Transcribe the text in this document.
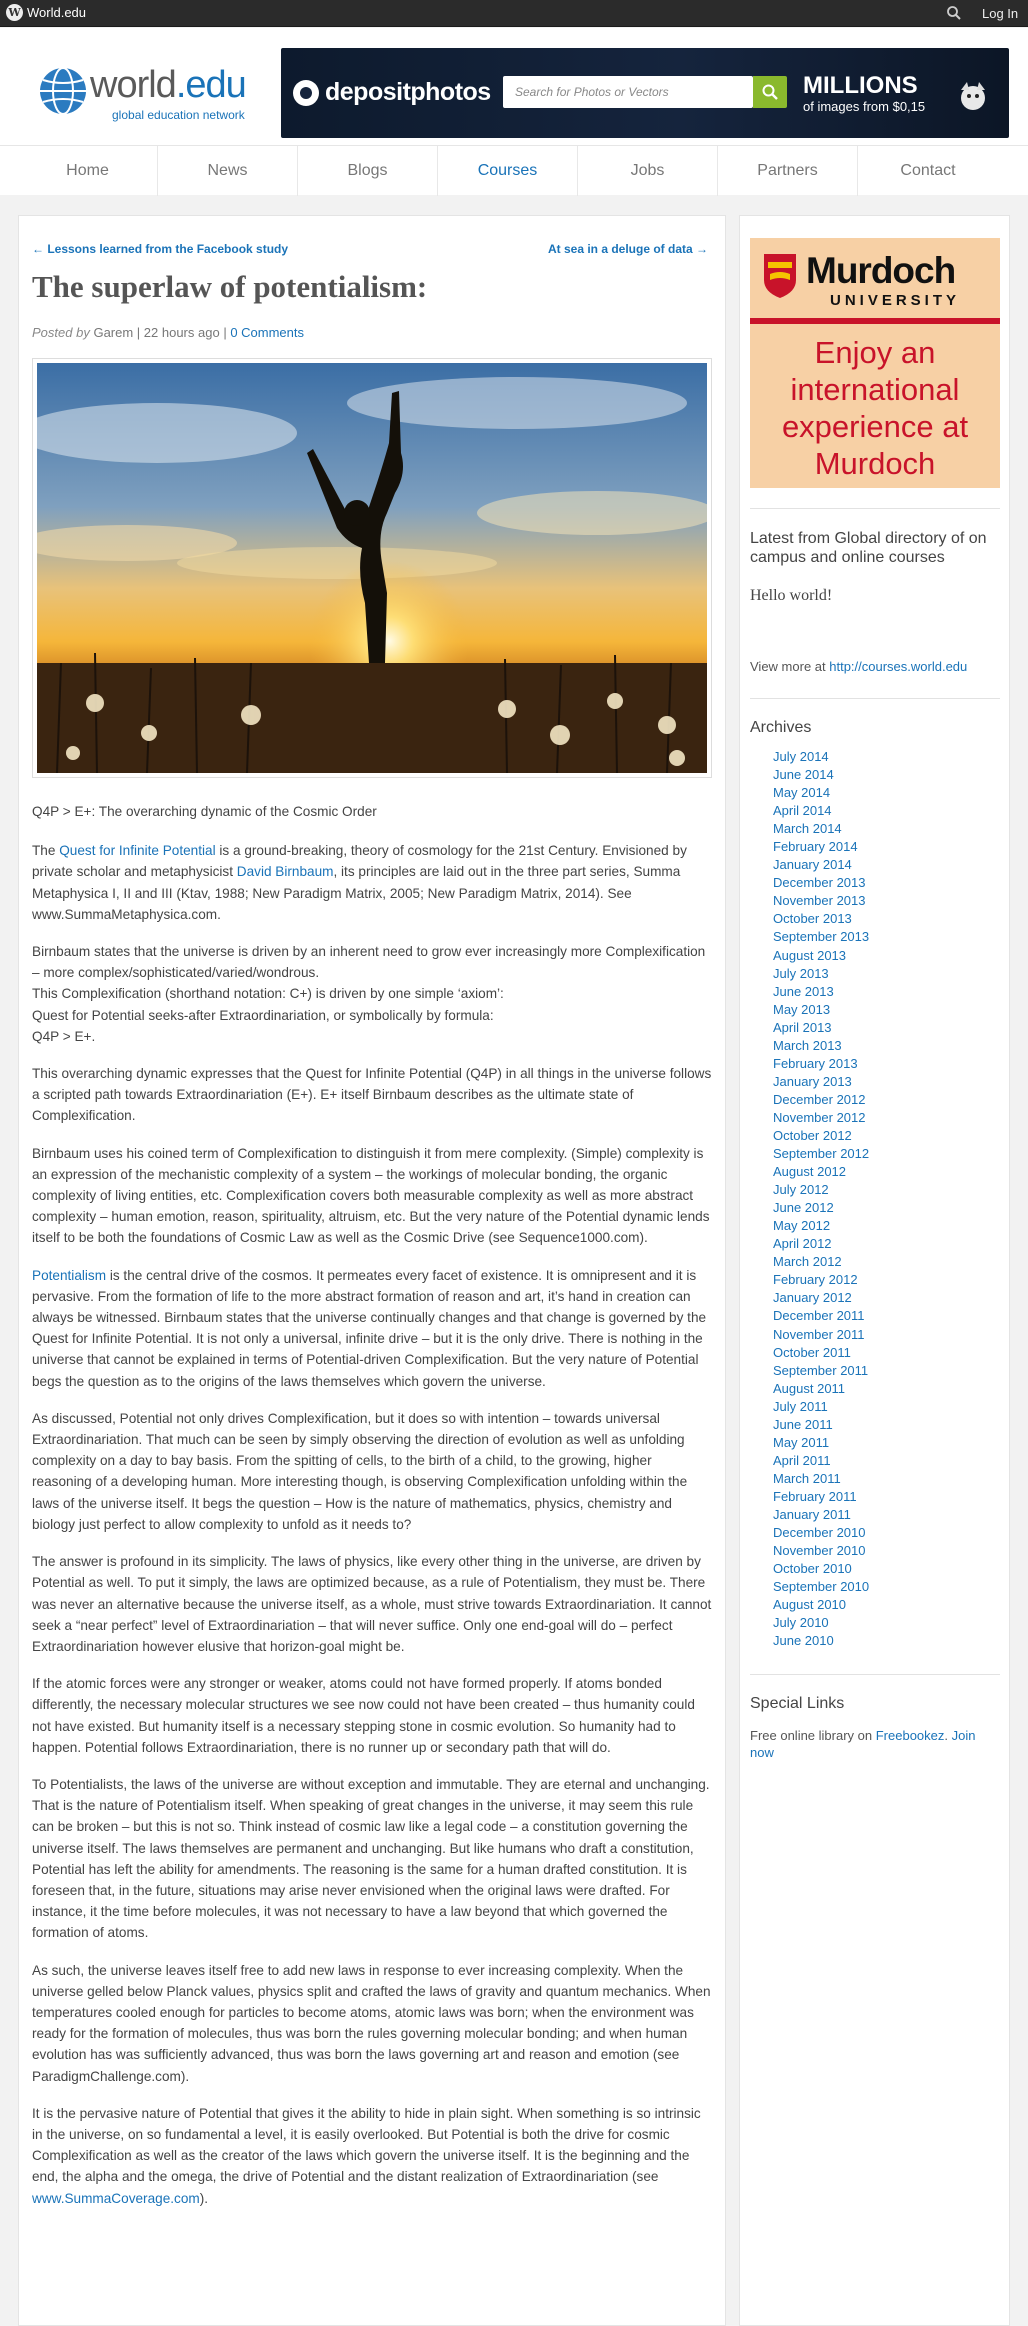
W World.edu	Log In
world.edu
global education network
depositphotos	Search for Photos or Vectors	MILLIONS
of images from $0,15
Home	News	Blogs	Courses	Jobs	Partners	Contact
← Lessons learned from the Facebook study	At sea in a deluge of data →
The superlaw of potentialism:
Posted by Garem | 22 hours ago | 0 Comments

Q4P > E+: The overarching dynamic of the Cosmic Order

The Quest for Infinite Potential is a ground-breaking, theory of cosmology for the 21st Century. Envisioned by private scholar and metaphysicist David Birnbaum, its principles are laid out in the three part series, Summa Metaphysica I, II and III (Ktav, 1988; New Paradigm Matrix, 2005; New Paradigm Matrix, 2014). See www.SummaMetaphysica.com.

Birnbaum states that the universe is driven by an inherent need to grow ever increasingly more Complexification – more complex/sophisticated/varied/wondrous.
This Complexification (shorthand notation: C+) is driven by one simple ‘axiom’:
Quest for Potential seeks-after Extraordinariation, or symbolically by formula:
Q4P > E+.

This overarching dynamic expresses that the Quest for Infinite Potential (Q4P) in all things in the universe follows a scripted path towards Extraordinariation (E+). E+ itself Birnbaum describes as the ultimate state of Complexification.

Birnbaum uses his coined term of Complexification to distinguish it from mere complexity. (Simple) complexity is an expression of the mechanistic complexity of a system – the workings of molecular bonding, the organic complexity of living entities, etc. Complexification covers both measurable complexity as well as more abstract complexity – human emotion, reason, spirituality, altruism, etc. But the very nature of the Potential dynamic lends itself to be both the foundations of Cosmic Law as well as the Cosmic Drive (see Sequence1000.com).

Potentialism is the central drive of the cosmos. It permeates every facet of existence. It is omnipresent and it is pervasive. From the formation of life to the more abstract formation of reason and art, it’s hand in creation can always be witnessed. Birnbaum states that the universe continually changes and that change is governed by the Quest for Infinite Potential. It is not only a universal, infinite drive – but it is the only drive. There is nothing in the universe that cannot be explained in terms of Potential-driven Complexification. But the very nature of Potential begs the question as to the origins of the laws themselves which govern the universe.

As discussed, Potential not only drives Complexification, but it does so with intention – towards universal Extraordinariation. That much can be seen by simply observing the direction of evolution as well as unfolding complexity on a day to bay basis. From the spitting of cells, to the birth of a child, to the growing, higher reasoning of a developing human. More interesting though, is observing Complexification unfolding within the laws of the universe itself. It begs the question – How is the nature of mathematics, physics, chemistry and biology just perfect to allow complexity to unfold as it needs to?

The answer is profound in its simplicity. The laws of physics, like every other thing in the universe, are driven by Potential as well. To put it simply, the laws are optimized because, as a rule of Potentialism, they must be. There was never an alternative because the universe itself, as a whole, must strive towards Extraordinariation. It cannot seek a “near perfect” level of Extraordinariation – that will never suffice. Only one end-goal will do – perfect Extraordinariation however elusive that horizon-goal might be.

If the atomic forces were any stronger or weaker, atoms could not have formed properly. If atoms bonded differently, the necessary molecular structures we see now could not have been created – thus humanity could not have existed. But humanity itself is a necessary stepping stone in cosmic evolution. So humanity had to happen. Potential follows Extraordinariation, there is no runner up or secondary path that will do.

To Potentialists, the laws of the universe are without exception and immutable. They are eternal and unchanging. That is the nature of Potentialism itself. When speaking of great changes in the universe, it may seem this rule can be broken – but this is not so. Think instead of cosmic law like a legal code – a constitution governing the universe itself. The laws themselves are permanent and unchanging. But like humans who draft a constitution, Potential has left the ability for amendments. The reasoning is the same for a human drafted constitution. It is foreseen that, in the future, situations may arise never envisioned when the original laws were drafted. For instance, it the time before molecules, it was not necessary to have a law beyond that which governed the formation of atoms.

As such, the universe leaves itself free to add new laws in response to ever increasing complexity. When the universe gelled below Planck values, physics split and crafted the laws of gravity and quantum mechanics. When temperatures cooled enough for particles to become atoms, atomic laws was born; when the environment was ready for the formation of molecules, thus was born the rules governing molecular bonding; and when human evolution has was sufficiently advanced, thus was born the laws governing art and reason and emotion (see ParadigmChallenge.com).

It is the pervasive nature of Potential that gives it the ability to hide in plain sight. When something is so intrinsic in the universe, on so fundamental a level, it is easily overlooked. But Potential is both the drive for cosmic Complexification as well as the creator of the laws which govern the universe itself. It is the beginning and the end, the alpha and the omega, the drive of Potential and the distant realization of Extraordinariation (see www.SummaCoverage.com).

Murdoch
UNIVERSITY
Enjoy an international experience at Murdoch
Latest from Global directory of on campus and online courses
Hello world!
View more at http://courses.world.edu
Archives
July 2014
June 2014
May 2014
April 2014
March 2014
February 2014
January 2014
December 2013
November 2013
October 2013
September 2013
August 2013
July 2013
June 2013
May 2013
April 2013
March 2013
February 2013
January 2013
December 2012
November 2012
October 2012
September 2012
August 2012
July 2012
June 2012
May 2012
April 2012
March 2012
February 2012
January 2012
December 2011
November 2011
October 2011
September 2011
August 2011
July 2011
June 2011
May 2011
April 2011
March 2011
February 2011
January 2011
December 2010
November 2010
October 2010
September 2010
August 2010
July 2010
June 2010
Special Links
Free online library on Freebookez. Join now
